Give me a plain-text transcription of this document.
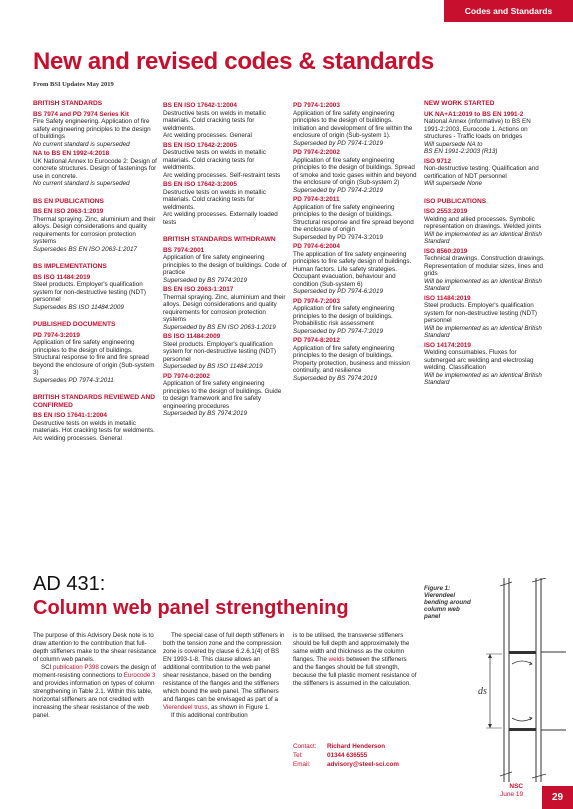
Codes and Standards
New and revised codes & standards
From BSI Updates May 2019
BRITISH STANDARDS
BS 7974 and PD 7974 Series Kit
Fire Safety engineering. Application of fire safety engineering principles to the design of buildings
No current standard is superseded
NA to BS EN 1992-4:2018
UK National Annex to Eurocode 2: Design of concrete structures. Design of fastenings for use in concrete.
No current standard is superseded
BS EN PUBLICATIONS
BS EN ISO 2063-1:2019
Thermal spraying. Zinc, aluminium and their alloys. Design considerations and quality requirements for corrosion protection systems
Supersedes BS EN ISO 2063-1:2017
BS IMPLEMENTATIONS
BS ISO 11484:2019
Steel products. Employer's qualification system for non-destructive testing (NDT) personnel
Supersedes BS ISO 11484:2009
PUBLISHED DOCUMENTS
PD 7974-3:2019
Application of fire safety engineering principles to the design of buildings. Structural response to fire and fire spread beyond the enclosure of origin (Sub-system 3)
Supersedes PD 7974-3:2011
BRITISH STANDARDS REVIEWED AND CONFIRMED
BS EN ISO 17641-1:2004
Destructive tests on welds in metallic materials. Hot cracking tests for weldments.
Arc welding processes. General
BS EN ISO 17642-1:2004
Destructive tests on welds in metallic materials. Cold cracking tests for weldments.
Arc welding processes. General
BS EN ISO 17642-2:2005
Destructive tests on welds in metallic materials. Cold cracking tests for weldments.
Arc welding processes. Self-restraint tests
BS EN ISO 17642-3:2005
Destructive tests on welds in metallic materials. Cold cracking tests for weldments.
Arc welding processes. Externally loaded tests
BRITISH STANDARDS WITHDRAWN
BS 7974:2001
Application of fire safety engineering principles to the design of buildings. Code of practice
Superseded by BS 7974:2019
BS EN ISO 2063-1:2017
Thermal spraying. Zinc, aluminium and their alloys. Design considerations and quality requirements for corrosion protection systems
Superseded by BS EN ISO 2063-1:2019
BS ISO 11484:2009
Steel products. Employer's qualification system for non-destructive testing (NDT) personnel
Superseded by BS ISO 11484:2019
PD 7974-0:2002
Application of fire safety engineering principles to the design of buildings. Guide to design framework and fire safety engineering procedures
Superseded by BS 7974:2019
PD 7974-1:2003
Application of fire safety engineering principles to the design of buildings. Initiation and development of fire within the enclosure of origin (Sub-system 1).
Superseded by PD 7974-1:2019
PD 7974-2:2002
Application of fire safety engineering principles to the design of buildings. Spread of smoke and toxic gases within and beyond the enclosure of origin (Sub-system 2)
Superseded by PD 7974-2:2019
PD 7974-3:2011
Application of fire safety engineering principles to the design of buildings. Structural response and fire spread beyond the enclosure of origin
Superseded by PD 7974-3:2019
PD 7974-6:2004
The application of fire safety engineering principles to fire safety design of buildings. Human factors. Life safety strategies. Occupant evacuation, behaviour and condition (Sub-system 6)
Superseded by PD 7974-6:2019
PD 7974-7:2003
Application of fire safety engineering principles to the design of buildings. Probabilistic risk assessment
Superseded by PD 7974-7:2019
PD 7974-8:2012
Application of fire safety engineering principles to the design of buildings. Property protection, business and mission continuity, and resilience
Superseded by BS 7974:2019
NEW WORK STARTED
UK NA+A1:2019 to BS EN 1991-2
National Annex (informative) to BS EN 1991-2:2003, Eurocode 1. Actions on structures - Traffic loads on bridges
Will supersede NA to
BS EN 1991-2:2003 (R13)
ISO 9712
Non-destructive testing. Qualification and certification of NDT personnel
Will supersede None
ISO PUBLICATIONS
ISO 2553:2019
Welding and allied processes. Symbolic representation on drawings. Welded joints
Will be implemented as an identical British Standard
ISO 8560:2019
Technical drawings. Construction drawings. Representation of modular sizes, lines and grids
Will be implemented as an identical British Standard
ISO 11484:2019
Steel products. Employer's qualification system for non-destructive testing (NDT) personnel
Will be implemented as an identical British Standard
ISO 14174:2019
Welding consumables. Fluxes for submerged arc welding and electroslag welding. Classification
Will be implemented as an identical British Standard
AD 431:
Column web panel strengthening

The purpose of this Advisory Desk note is to draw attention to the contribution that full-depth stiffeners make to the shear resistance of column web panels.

SCI publication P398 covers the design of moment-resisting connections to Eurocode 3 and provides information on types of column strengthening in Table 2.1. Within this table, horizontal stiffeners are not credited with increasing the shear resistance of the web panel.

The special case of full depth stiffeners in both the tension zone and the compression zone is covered by clause 6.2.6.1(4) of BS EN 1993-1-8. This clause allows an additional contribution to the web panel shear resistance, based on the bending resistance of the flanges and the stiffeners which bound the web panel. The stiffeners and flanges can be envisaged as part of a Vierendeel truss, as shown in Figure 1.

If this additional contribution

is to be utilised, the transverse stiffeners should be full depth and approximately the same width and thickness as the column flanges. The welds between the stiffeners and the flanges should be full strength, because the full plastic moment resistance of the stiffeners is assumed in the calculation.

Contact:	Richard Henderson
Tel:	01344 636555
Email:	advisory@steel-sci.com
Figure 1: Vierendeel bending around column web panel
ds
NSC
June 19	29
